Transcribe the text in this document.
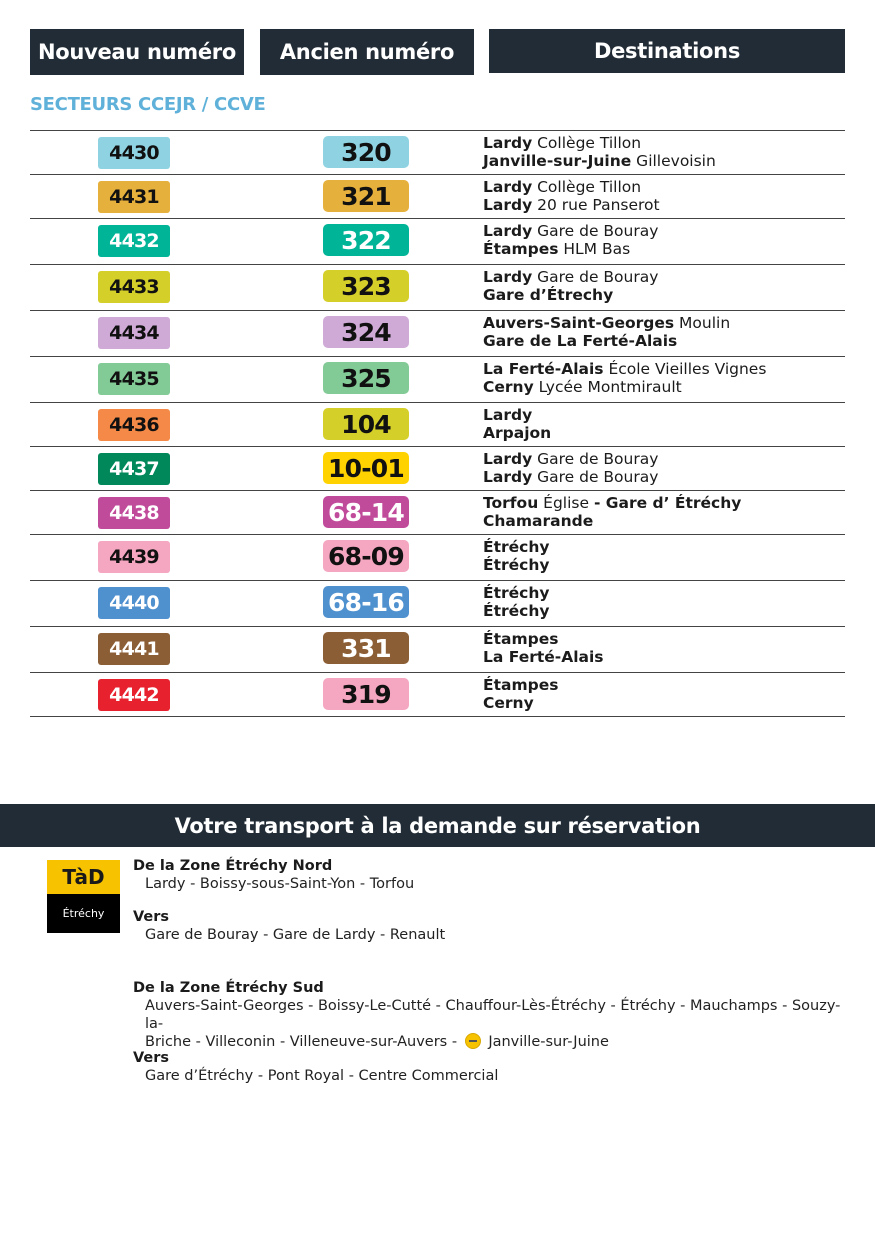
Nouveau numéro	Ancien numéro	Destinations
SECTEURS CCEJR / CCVE
4430	320	Lardy Collège Tillon
Janville-sur-Juine Gillevoisin
4431	321	Lardy Collège Tillon
Lardy 20 rue Panserot
4432	322	Lardy Gare de Bouray
Étampes HLM Bas
4433	323	Lardy Gare de Bouray
Gare d’Étrechy
4434	324	Auvers-Saint-Georges Moulin
Gare de La Ferté-Alais
4435	325	La Ferté-Alais École Vieilles Vignes
Cerny Lycée Montmirault
4436	104	Lardy
Arpajon
4437	10-01	Lardy Gare de Bouray
Lardy Gare de Bouray
4438	68-14	Torfou Église - Gare d’ Étréchy
Chamarande
4439	68-09	Étréchy
Étréchy
4440	68-16	Étréchy
Étréchy
4441	331	Étampes
La Ferté-Alais
4442	319	Étampes
Cerny
Votre transport à la demande sur réservation
TàD
Étréchy
De la Zone Étréchy Nord
Lardy - Boissy-sous-Saint-Yon - Torfou
Vers
Gare de Bouray - Gare de Lardy - Renault
De la Zone Étréchy Sud
Auvers-Saint-Georges - Boissy-Le-Cutté - Chauffour-Lès-Étréchy - Étréchy - Mauchamps - Souzy-la-
Briche - Villeconin - Villeneuve-sur-Auvers - Janville-sur-Juine
Vers
Gare d’Étréchy - Pont Royal - Centre Commercial
